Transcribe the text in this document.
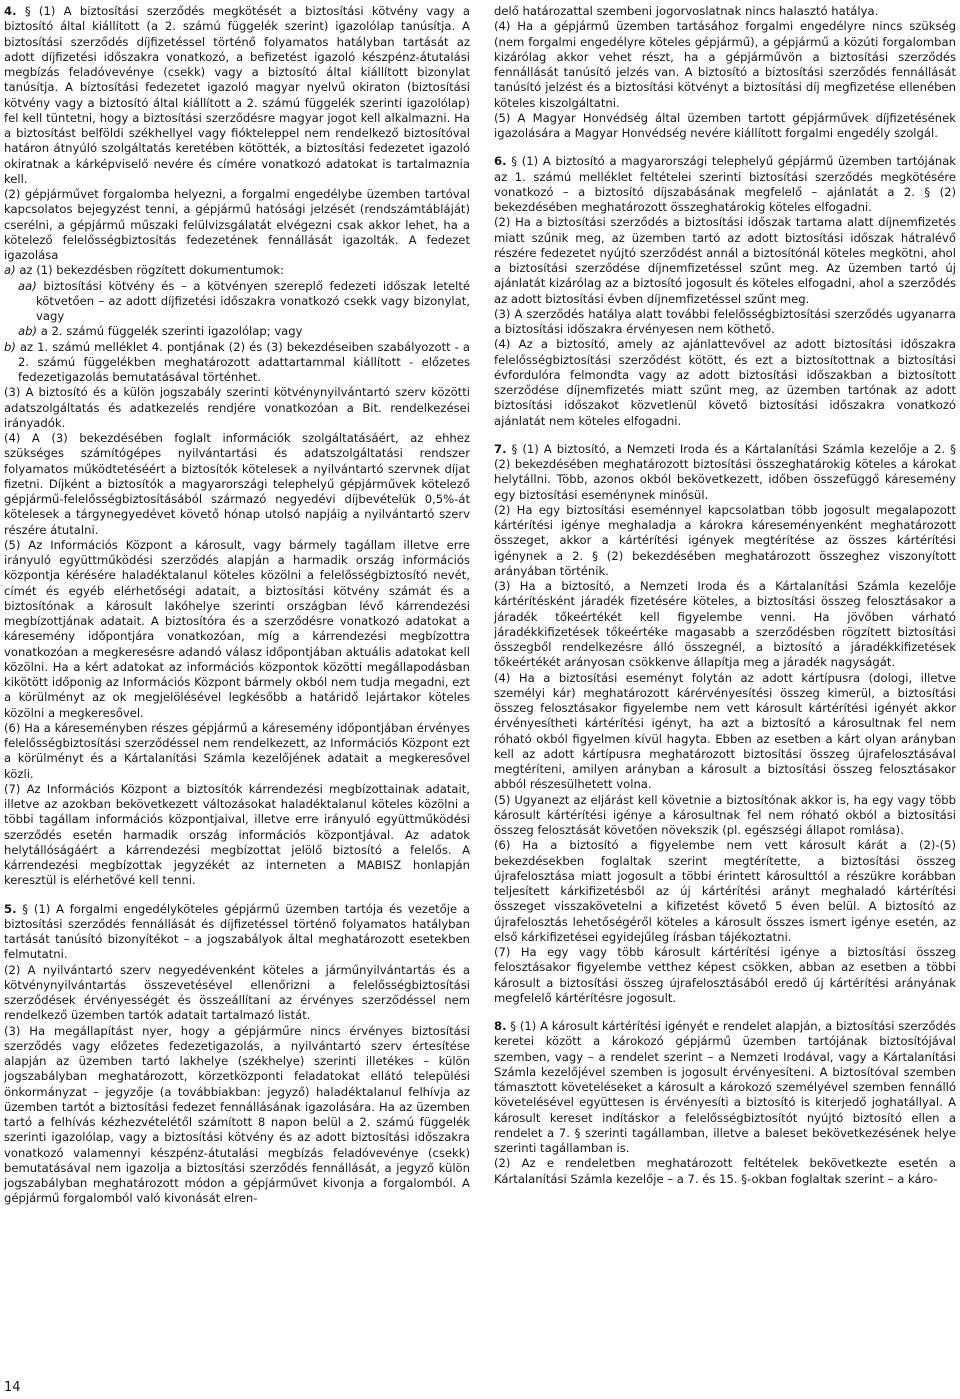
4. § (1) A biztosítási szerződés megkötését a biztosítási kötvény vagy a biztosító által kiállított (a 2. számú függelék szerint) igazolólap tanúsítja. A biztosítási szerződés díjfizetéssel történő folyamatos hatályban tartását az adott díjfizetési időszakra vonatkozó, a befizetést igazoló készpénz-átutalási megbízás feladóvevénye (csekk) vagy a biztosító által kiállított bizonylat tanúsítja. A biztosítási fedezetet igazoló magyar nyelvű okiraton (biztosítási kötvény vagy a biztosító által kiállított a 2. számú függelék szerinti igazolólap) fel kell tüntetni, hogy a biztosítási szerződésre magyar jogot kell alkalmazni. Ha a biztosítást belföldi székhellyel vagy fiókteleppel nem rendelkező biztosítóval határon átnyúló szolgáltatás keretében kötötték, a biztosítási fedezetet igazoló okiratnak a kárképviselő nevére és címére vonatkozó adatokat is tartalmaznia kell.

(2) gépjárművet forgalomba helyezni, a forgalmi engedélybe üzemben tartóval kapcsolatos bejegyzést tenni, a gépjármű hatósági jelzését (rendszámtábláját) cserélni, a gépjármű műszaki felülvizsgálatát elvégezni csak akkor lehet, ha a kötelező felelősségbiztosítás fedezetének fennállását igazolták. A fedezet igazolása

a) az (1) bekezdésben rögzített dokumentumok:

aa) biztosítási kötvény és – a kötvényen szereplő fedezeti időszak letelté kötvetően – az adott díjfizetési időszakra vonatkozó csekk vagy bizonylat, vagy

ab) a 2. számú függelék szerinti igazolólap; vagy

b) az 1. számú melléklet 4. pontjának (2) és (3) bekezdéseiben szabályozott - a 2. számú függelékben meghatározott adattartammal kiállított - előzetes fedezetigazolás bemutatásával történhet.

(3) A biztosító és a külön jogszabály szerinti kötvénynyilvántartó szerv közötti adatszolgáltatás és adatkezelés rendjére vonatkozóan a Bit. rendelkezései irányadók.

(4) A (3) bekezdésében foglalt információk szolgáltatásáért, az ehhez szükséges számítógépes nyilvántartási és adatszolgáltatási rendszer folyamatos működtetéséért a biztosítók kötelesek a nyilvántartó szervnek díjat fizetni. Díjként a biztosítók a magyarországi telephelyű gépjárművek kötelező gépjármű-felelősségbiztosításából származó negyedévi díjbevételük 0,5%-át kötelesek a tárgynegyedévet követő hónap utolsó napjáig a nyilvántartó szerv részére átutalni.

(5) Az Információs Központ a károsult, vagy bármely tagállam illetve erre irányuló együttműködési szerződés alapján a harmadik ország információs központja kérésére haladéktalanul köteles közölni a felelősségbiztosító nevét, címét és egyéb elérhetőségi adatait, a biztosítási kötvény számát és a biztosítónak a károsult lakóhelye szerinti országban lévő kárrendezési megbízottjának adatait. A biztosítóra és a szerződésre vonatkozó adatokat a káresemény időpontjára vonatkozóan, míg a kárrendezési megbízottra vonatkozóan a megkeresésre adandó válasz időpontjában aktuális adatokat kell közölni. Ha a kért adatokat az információs központok közötti megállapodásban kikötött időponig az Információs Központ bármely okból nem tudja megadni, ezt a körülményt az ok megjelölésével legkésőbb a határidő lejártakor köteles közölni a megkeresővel.

(6) Ha a káreseményben részes gépjármű a káresemény időpontjában érvényes felelősségbiztosítási szerződéssel nem rendelkezett, az Információs Központ ezt a körülményt és a Kártalanítási Számla kezelőjének adatait a megkeresővel közli.

(7) Az Információs Központ a biztosítók kárrendezési megbízottainak adatait, illetve az azokban bekövetkezett változásokat haladéktalanul köteles közölni a többi tagállam információs központjaival, illetve erre irányuló együttműködési szerződés esetén harmadik ország információs központjával. Az adatok helytállóságáért a kárrendezési megbízottat jelölő biztosító a felelős. A kárrendezési megbízottak jegyzékét az interneten a MABISZ honlapján keresztül is elérhetővé kell tenni.

5. § (1) A forgalmi engedélyköteles gépjármű üzemben tartója és vezetője a biztosítási szerződés fennállását és díjfizetéssel történő folyamatos hatályban tartását tanúsító bizonyítékot – a jogszabályok által meghatározott esetekben felmutatni.

(2) A nyilvántartó szerv negyedévenként köteles a járműnyilvántartás és a kötvénynyilvántartás összevetésével ellenőrizni a felelősségbiztosítási szerződések érvényességét és összeállítani az érvényes szerződéssel nem rendelkező üzemben tartók adatait tartalmazó listát.

(3) Ha megállapítást nyer, hogy a gépjárműre nincs érvényes biztosítási szerződés vagy előzetes fedezetigazolás, a nyilvántartó szerv értesítése alapján az üzemben tartó lakhelye (székhelye) szerinti illetékes – külön jogszabályban meghatározott, körzetközponti feladatokat ellátó települési önkormányzat – jegyzője (a továbbiakban: jegyző) haladéktalanul felhívja az üzemben tartót a biztosítási fedezet fennállásának igazolására. Ha az üzemben tartó a felhívás kézhezvételétől számított 8 napon belül a 2. számú függelék szerinti igazolólap, vagy a biztosítási kötvény és az adott biztosítási időszakra vonatkozó valamennyi készpénz-átutalási megbízás feladóvevénye (csekk) bemutatásával nem igazolja a biztosítási szerződés fennállását, a jegyző külön jogszabályban meghatározott módon a gépjárművet kivonja a forgalomból. A gépjármű forgalomból való kivonását elren-

delő határozattal szembeni jogorvoslatnak nincs halasztó hatálya.

(4) Ha a gépjármű üzemben tartásához forgalmi engedélyre nincs szükség (nem forgalmi engedélyre köteles gépjármű), a gépjármű a közúti forgalomban kizárólag akkor vehet részt, ha a gépjárművön a biztosítási szerződés fennállását tanúsító jelzés van. A biztosító a biztosítási szerződés fennállását tanúsító jelzést és a biztosítási kötvényt a biztosítási díj megfizetése ellenében köteles kiszolgáltatni.

(5) A Magyar Honvédség által üzemben tartott gépjárművek díjfizetésének igazolására a Magyar Honvédség nevére kiállított forgalmi engedély szolgál.

6. § (1) A biztosító a magyarországi telephelyű gépjármű üzemben tartójának az 1. számú melléklet feltételei szerinti biztosítási szerződés megkötésére vonatkozó – a biztosító díjszabásának megfelelő – ajánlatát a 2. § (2) bekezdésében meghatározott összeghatárokig köteles elfogadni.

(2) Ha a biztosítási szerződés a biztosítási időszak tartama alatt díjnemfizetés miatt szűnik meg, az üzemben tartó az adott biztosítási időszak hátralévő részére fedezetet nyújtó szerződést annál a biztosítónál köteles megkötni, ahol a biztosítási szerződése díjnemfizetéssel szűnt meg. Az üzemben tartó új ajánlatát kizárólag az a biztosító jogosult és köteles elfogadni, ahol a szerződés az adott biztosítási évben díjnemfizetéssel szűnt meg.

(3) A szerződés hatálya alatt további felelősségbiztosítási szerződés ugyanarra a biztosítási időszakra érvényesen nem köthető.

(4) Az a biztosító, amely az ajánlattevővel az adott biztosítási időszakra felelősségbiztosítási szerződést kötött, és ezt a biztosítottnak a biztosítási évfordulóra felmondta vagy az adott biztosítási időszakban a biztosított szerződése díjnemfizetés miatt szűnt meg, az üzemben tartónak az adott biztosítási időszakot közvetlenül követő biztosítási időszakra vonatkozó ajánlatát nem köteles elfogadni.

7. § (1) A biztosító, a Nemzeti Iroda és a Kártalanítási Számla kezelője a 2. § (2) bekezdésében meghatározott biztosítási összeghatárokig köteles a károkat helytállni. Több, azonos okból bekövetkezett, időben összefüggő káresemény egy biztosítási eseménynek minősül.

(2) Ha egy biztosítási eseménnyel kapcsolatban több jogosult megalapozott kártérítési igénye meghaladja a károkra káreseményenként meghatározott összeget, akkor a kártérítési igények megtérítése az összes kártérítési igénynek a 2. § (2) bekezdésében meghatározott összeghez viszonyított arányában történik.

(3) Ha a biztosító, a Nemzeti Iroda és a Kártalanítási Számla kezelője kártérítésként járadék fizetésére köteles, a biztosítási összeg felosztásakor a járadék tőkeértékét kell figyelembe venni. Ha jövőben várható járadékkifizetések tőkeértéke magasabb a szerződésben rögzített biztosítási összegből rendelkezésre álló összegnél, a biztosító a járadékkifizetések tőkeértékét arányosan csökkenve állapítja meg a járadék nagyságát.

(4) Ha a biztosítási eseményt folytán az adott kártípusra (dologi, illetve személyi kár) meghatározott kárérvényesítési összeg kimerül, a biztosítási összeg felosztásakor figyelembe nem vett károsult kártérítési igényét akkor érvényesítheti kártérítési igényt, ha azt a biztosító a károsultnak fel nem róható okból figyelmen kívül hagyta. Ebben az esetben a kárt olyan arányban kell az adott kártípusra meghatározott biztosítási összeg újrafelosztásával megtéríteni, amilyen arányban a károsult a biztosítási összeg felosztásakor abból részesülhetett volna.

(5) Ugyanezt az eljárást kell követnie a biztosítónak akkor is, ha egy vagy több károsult kártérítési igénye a károsultnak fel nem róható okból a biztosítási összeg felosztását követően növekszik (pl. egészségi állapot romlása).

(6) Ha a biztosító a figyelembe nem vett károsult kárát a (2)-(5) bekezdésekben foglaltak szerint megtérítette, a biztosítási összeg újrafelosztása miatt jogosult a többi érintett károsulttól a részükre korábban teljesített kárkifizetésből az új kártérítési arányt meghaladó kártérítési összeget visszakövetelni a kifizetést követő 5 éven belül. A biztosító az újrafelosztás lehetőségéről köteles a károsult összes ismert igénye esetén, az első kárkifizetései egyidejűleg írásban tájékoztatni.

(7) Ha egy vagy több károsult kártérítési igénye a biztosítási összeg felosztásakor figyelembe vetthez képest csökken, abban az esetben a többi károsult a biztosítási összeg újrafelosztásából eredő új kártérítési arányának megfelelő kártérítésre jogosult.

8. § (1) A károsult kártérítési igényét e rendelet alapján, a biztosítási szerződés keretei között a károkozó gépjármű üzemben tartójának biztosítójával szemben, vagy – a rendelet szerint – a Nemzeti Irodával, vagy a Kártalanítási Számla kezelőjével szemben is jogosult érvényesíteni. A biztosítóval szemben támasztott követeléseket a károsult a károkozó személyével szemben fennálló követelésével együttesen is érvényesíti a biztosító is kiterjedő joghatállyal. A károsult kereset indításkor a felelősségbiztosítót nyújtó biztosító ellen a rendelet a 7. § szerinti tagállamban, illetve a baleset bekövetkezésének helye szerinti tagállamban is.

(2) Az e rendeletben meghatározott feltételek bekövetkezte esetén a Kártalanítási Számla kezelője – a 7. és 15. §-okban foglaltak szerint – a káro-

14
